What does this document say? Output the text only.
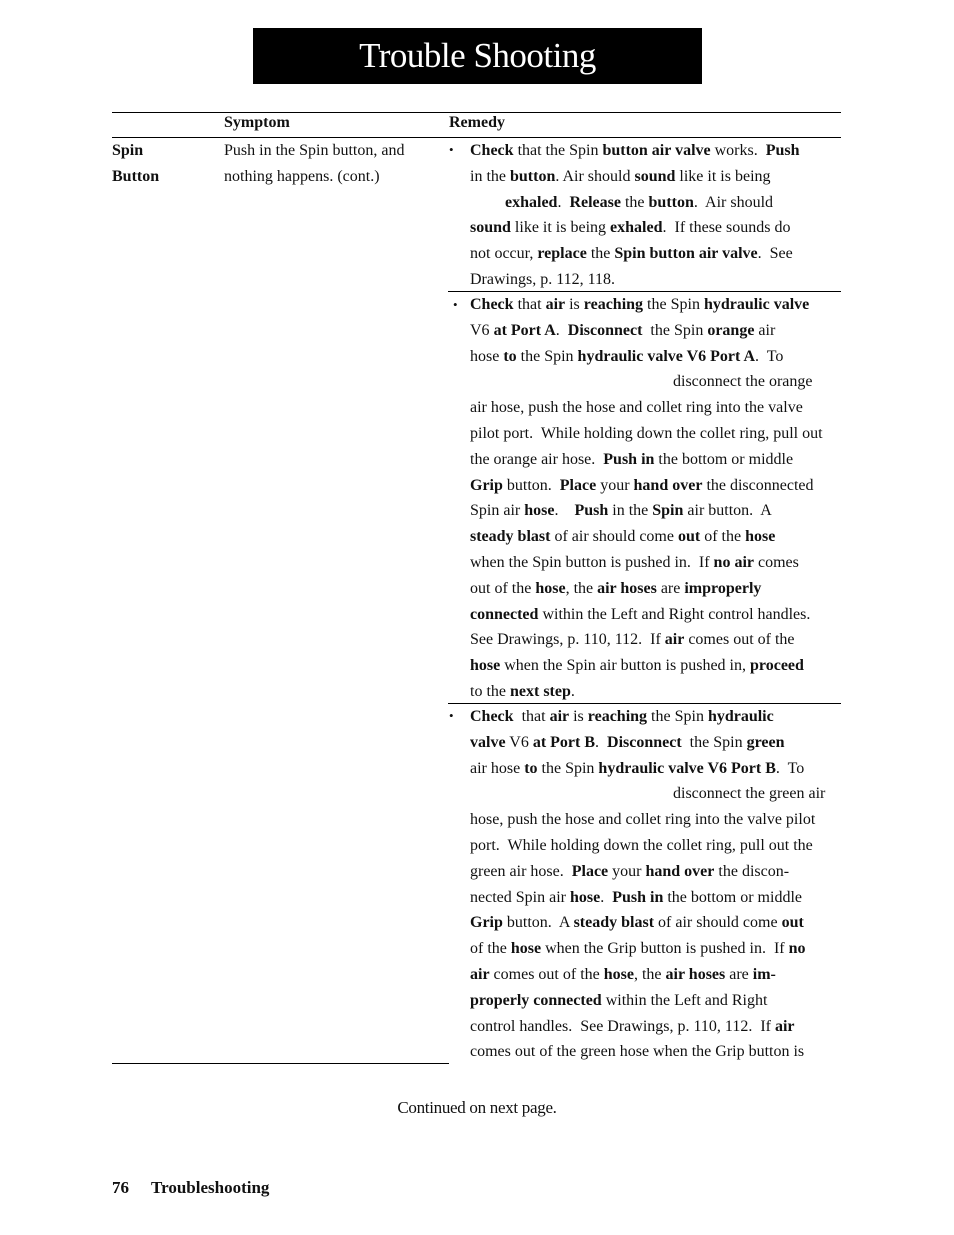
Trouble Shooting
Symptom	Remedy
Spin
Button
Push in the Spin button, and
nothing happens. (cont.)
• Check that the Spin button air valve works.  Push
in the button. Air should sound like it is being
exhaled.  Release the button.  Air should
sound like it is being exhaled.  If these sounds do
not occur, replace the Spin button air valve.  See
Drawings, p. 112, 118.
• Check that air is reaching the Spin hydraulic valve
V6 at Port A.  Disconnect  the Spin orange air
hose to the Spin hydraulic valve V6 Port A.  To
disconnect the orange
air hose, push the hose and collet ring into the valve
pilot port.  While holding down the collet ring, pull out
the orange air hose.  Push in the bottom or middle
Grip button.  Place your hand over the disconnected
Spin air hose.    Push in the Spin air button.  A
steady blast of air should come out of the hose
when the Spin button is pushed in.  If no air comes
out of the hose, the air hoses are improperly
connected within the Left and Right control handles.
See Drawings, p. 110, 112.  If air comes out of the
hose when the Spin air button is pushed in, proceed
to the next step.
• Check  that air is reaching the Spin hydraulic
valve V6 at Port B.  Disconnect  the Spin green
air hose to the Spin hydraulic valve V6 Port B.  To
disconnect the green air
hose, push the hose and collet ring into the valve pilot
port.  While holding down the collet ring, pull out the
green air hose.  Place your hand over the discon-
nected Spin air hose.  Push in the bottom or middle
Grip button.  A steady blast of air should come out
of the hose when the Grip button is pushed in.  If no
air comes out of the hose, the air hoses are im-
properly connected within the Left and Right
control handles.  See Drawings, p. 110, 112.  If air
comes out of the green hose when the Grip button is
Continued on next page.
76 Troubleshooting
